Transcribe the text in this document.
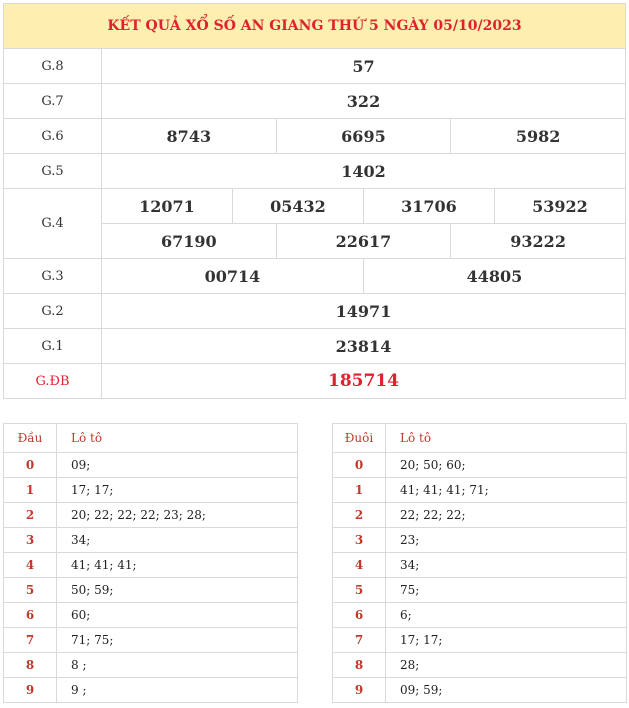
KẾT QUẢ XỔ SỐ AN GIANG THỨ 5 NGÀY 05/10/2023						
G.8	57					
G.7	322					
G.6	8743		6695		5982	
G.5	1402					
G.4	12071	05432		31706		53922
	67190		22617		93222	
G.3	00714			44805		
G.2	14971					
G.1	23814					
G.ĐB	185714					
Đầu	Lô tô
0	09;
1	17; 17;
2	20; 22; 22; 22; 23; 28;
3	34;
4	41; 41; 41;
5	50; 59;
6	60;
7	71; 75;
8	8 ;
9	9 ;
Đuôi	Lô tô
0	20; 50; 60;
1	41; 41; 41; 71;
2	22; 22; 22;
3	23;
4	34;
5	75;
6	6;
7	17; 17;
8	28;
9	09; 59;
